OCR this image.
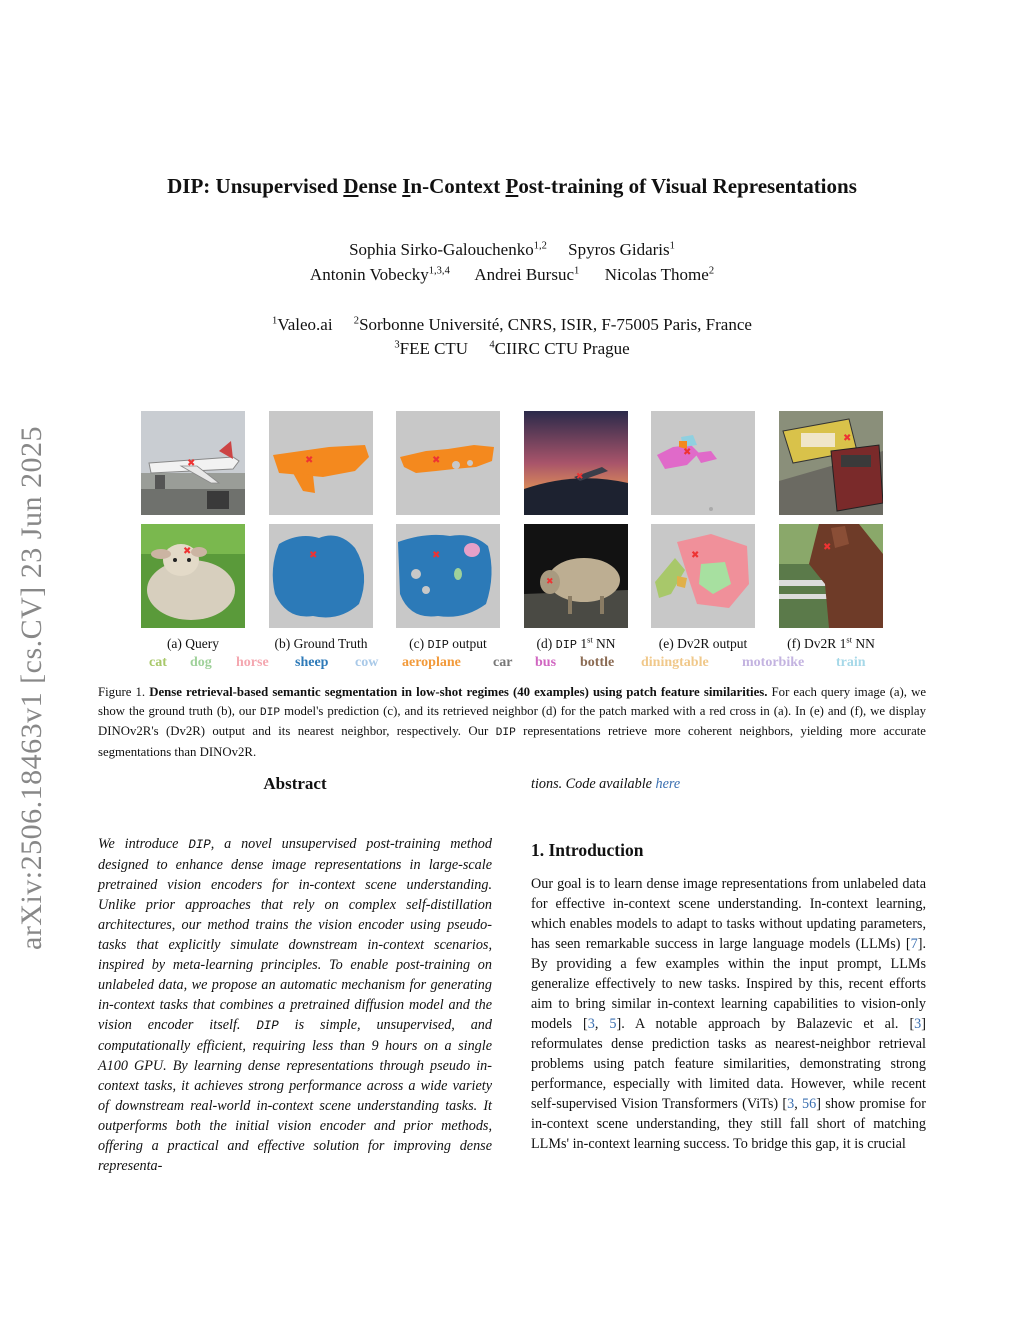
arXiv:2506.18463v1 [cs.CV] 23 Jun 2025
DIP: Unsupervised Dense In-Context Post-training of Visual Representations
Sophia Sirko-Galouchenko$^{1,2}$ Spyros Gidaris$^1$
Antonin Vobecky$^{1,3,4}$ Andrei Bursuc$^1$ Nicolas Thome$^2$
$^1$Valeo.ai $^2$Sorbonne Université, CNRS, ISIR, F-75005 Paris, France
$^3$FEE CTU $^4$CIIRC CTU Prague
✖	✖	✖
✖
✖
✖
✖	✖	✖
✖
✖
✖
(a) Query	(b) Ground Truth	(c) DIP output	(d) DIP 1st NN	(e) Dv2R output	(f) Dv2R 1st NN
cat dog horse sheep cow aeroplane car bus bottle diningtable motorbike train
Figure 1. Dense retrieval-based semantic segmentation in low-shot regimes (40 examples) using patch feature similarities. For each query image (a), we show the ground truth (b), our DIP model's prediction (c), and its retrieved neighbor (d) for the patch marked with a red cross in (a). In (e) and (f), we display DINOv2R's (Dv2R) output and its nearest neighbor, respectively. Our DIP representations retrieve more coherent neighbors, yielding more accurate segmentations than DINOv2R.
Abstract
We introduce DIP, a novel unsupervised post-training method designed to enhance dense image representations in large-scale pretrained vision encoders for in-context scene understanding. Unlike prior approaches that rely on complex self-distillation architectures, our method trains the vision encoder using pseudo-tasks that explicitly simulate downstream in-context scenarios, inspired by meta-learning principles. To enable post-training on unlabeled data, we propose an automatic mechanism for generating in-context tasks that combines a pretrained diffusion model and the vision encoder itself. DIP is simple, unsupervised, and computationally efficient, requiring less than 9 hours on a single A100 GPU. By learning dense representations through pseudo in-context tasks, it achieves strong performance across a wide variety of downstream real-world in-context scene understanding tasks. It outperforms both the initial vision encoder and prior methods, offering a practical and effective solution for improving dense representa-
tions. Code available here
1. Introduction
Our goal is to learn dense image representations from unlabeled data for effective in-context scene understanding. In-context learning, which enables models to adapt to tasks without updating parameters, has seen remarkable success in large language models (LLMs) [7]. By providing a few examples within the input prompt, LLMs generalize effectively to new tasks. Inspired by this, recent efforts aim to bring similar in-context learning capabilities to vision-only models [3, 5]. A notable approach by Balazevic et al. [3] reformulates dense prediction tasks as nearest-neighbor retrieval problems using patch feature similarities, demonstrating strong performance, especially with limited data. However, while recent self-supervised Vision Transformers (ViTs) [3, 56] show promise for in-context scene understanding, they still fall short of matching LLMs' in-context learning success. To bridge this gap, it is crucial
